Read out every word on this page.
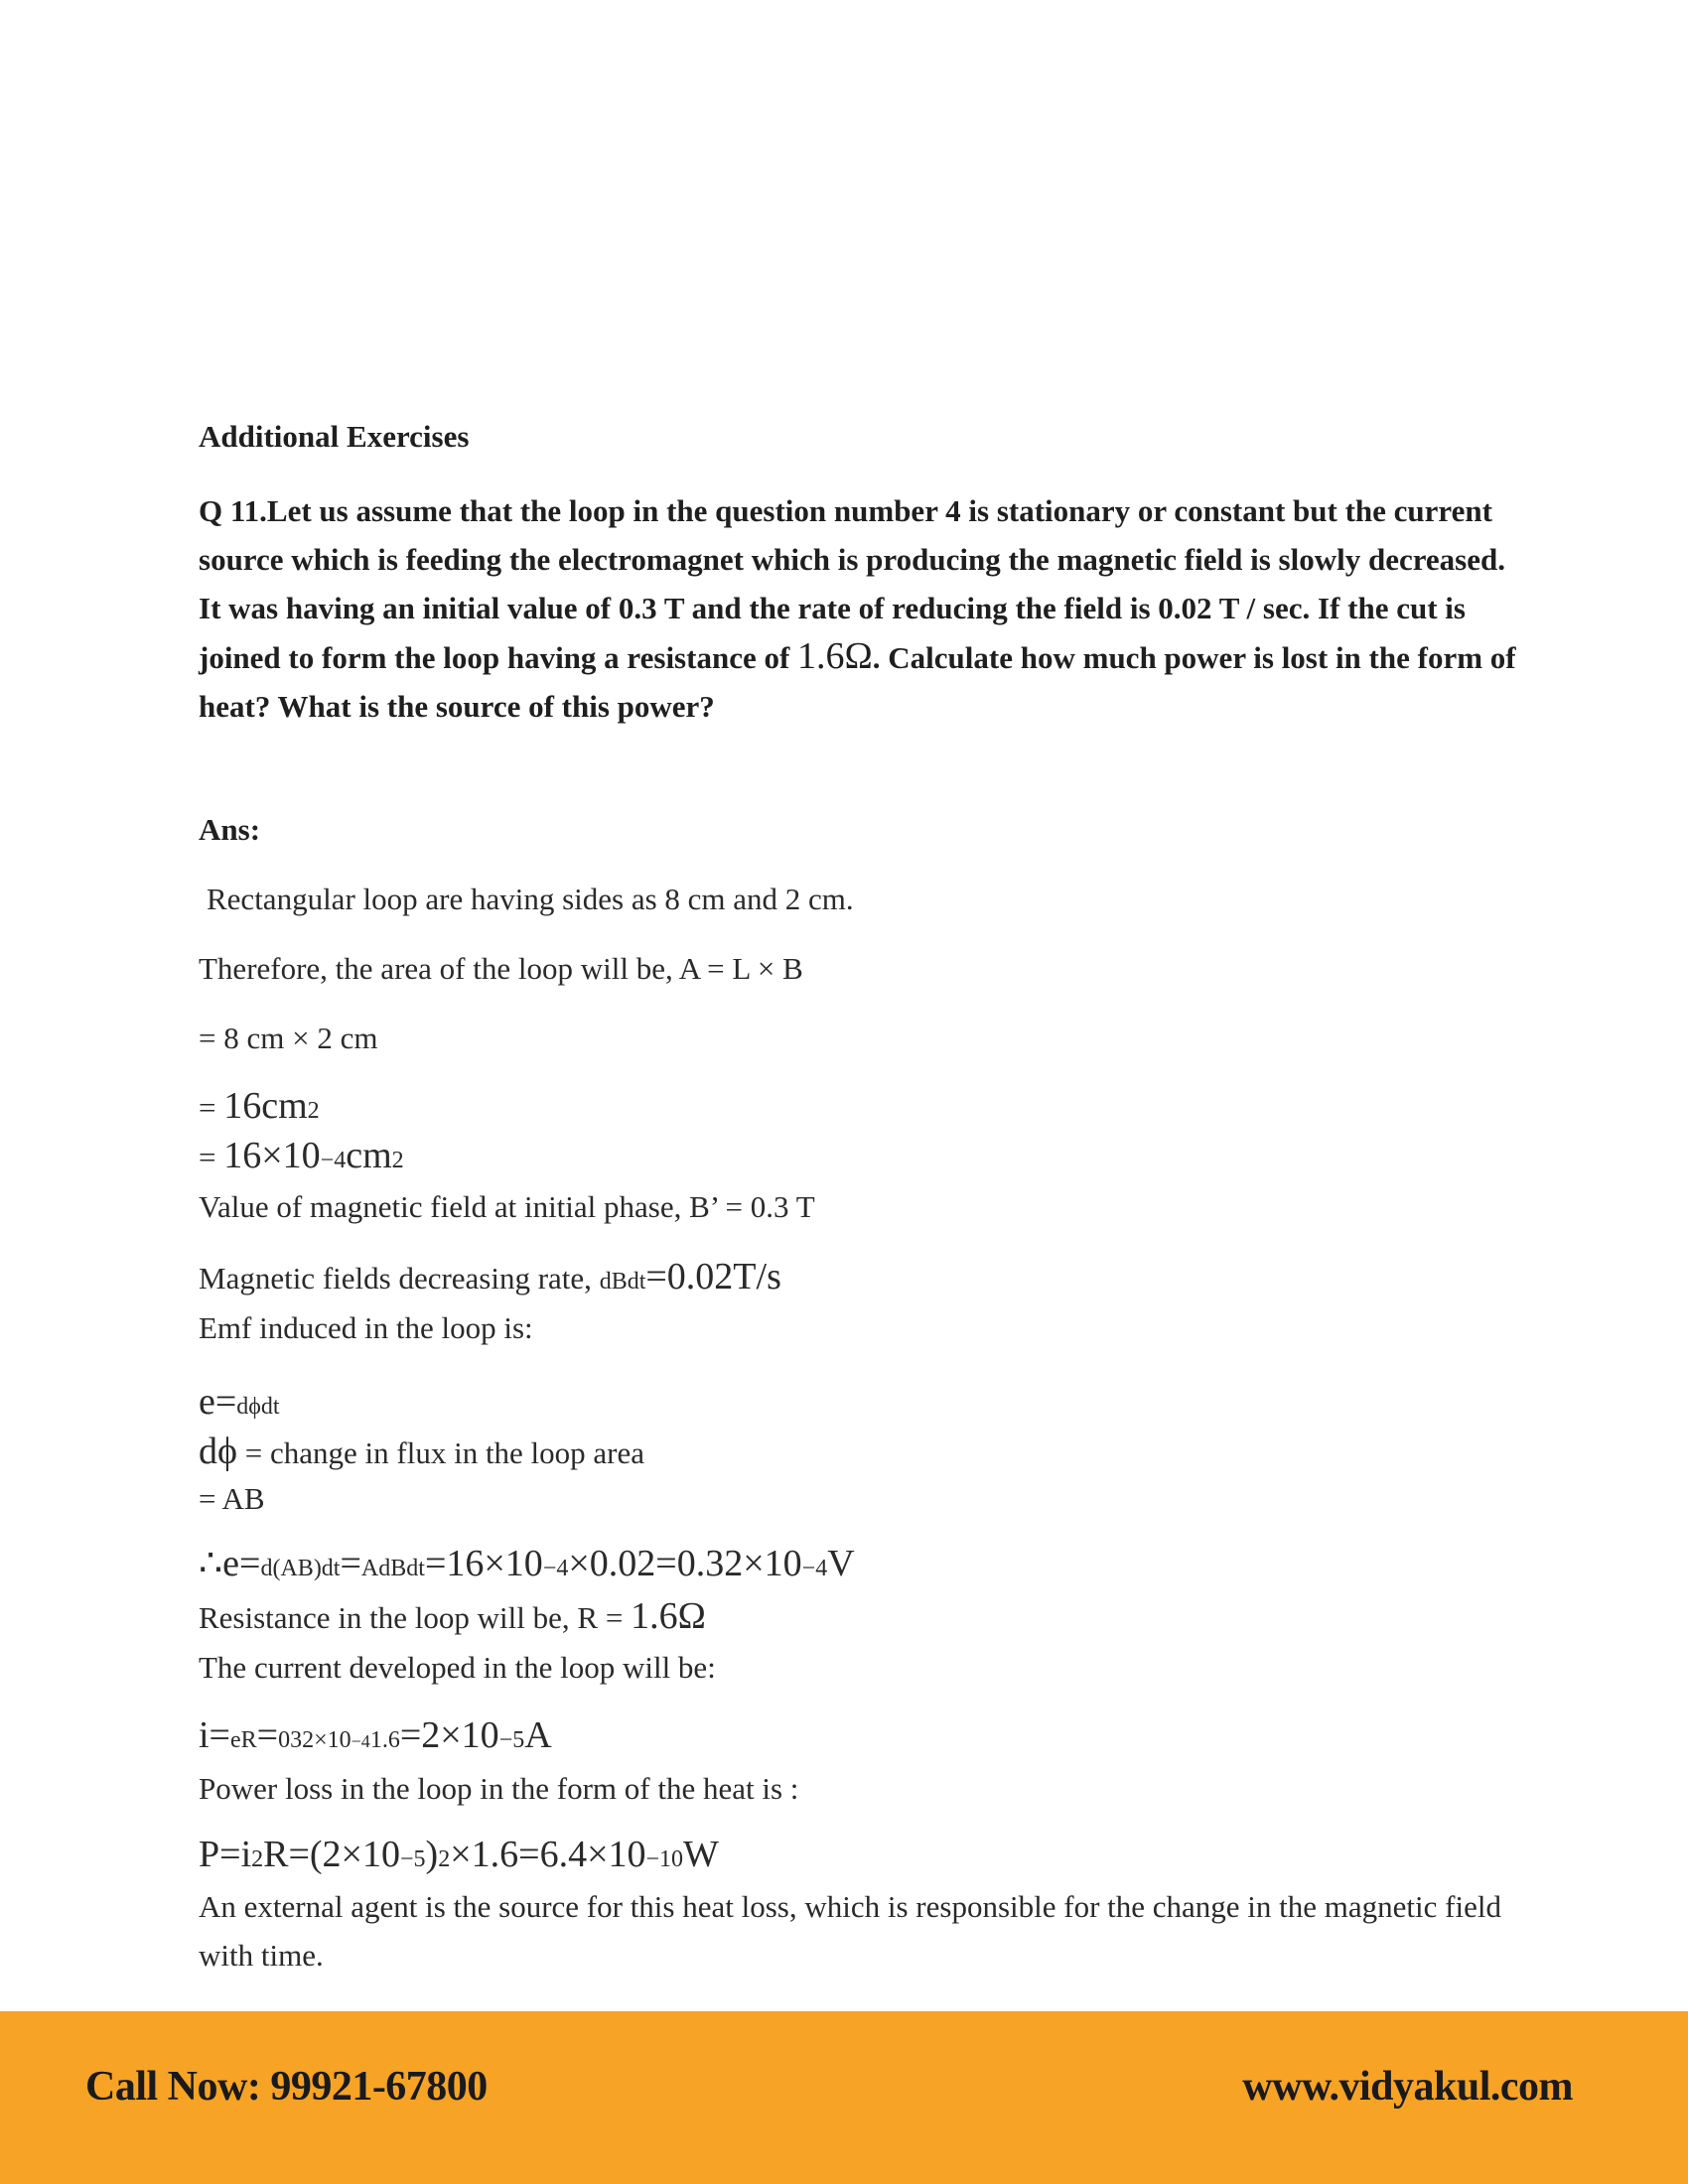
Additional Exercises
Q 11.Let us assume that the loop in the question number 4 is stationary or constant but the current source which is feeding the electromagnet which is producing the magnetic field is slowly decreased. It was having an initial value of 0.3 T and the rate of reducing the field is 0.02 T / sec. If the cut is joined to form the loop having a resistance of 1.6Ω. Calculate how much power is lost in the form of heat? What is the source of this power?
Ans:
Rectangular loop are having sides as 8 cm and 2 cm.
Therefore, the area of the loop will be, A = L × B
= 8 cm × 2 cm
= 16cm2
= 16×10−4cm2
Value of magnetic field at initial phase, B’ = 0.3 T
Magnetic fields decreasing rate, dBdt=0.02T/s
Emf induced in the loop is:
e=dϕdt
dϕ = change in flux in the loop area
= AB
∴e=d(AB)dt=AdBdt=16×10−4×0.02=0.32×10−4V
Resistance in the loop will be, R = 1.6Ω
The current developed in the loop will be:
i=eR=032×10−41.6=2×10−5A
Power loss in the loop in the form of the heat is :
P=i2R=(2×10−5)2×1.6=6.4×10−10W
An external agent is the source for this heat loss, which is responsible for the change in the magnetic field with time.
Call Now: 99921-67800	www.vidyakul.com
